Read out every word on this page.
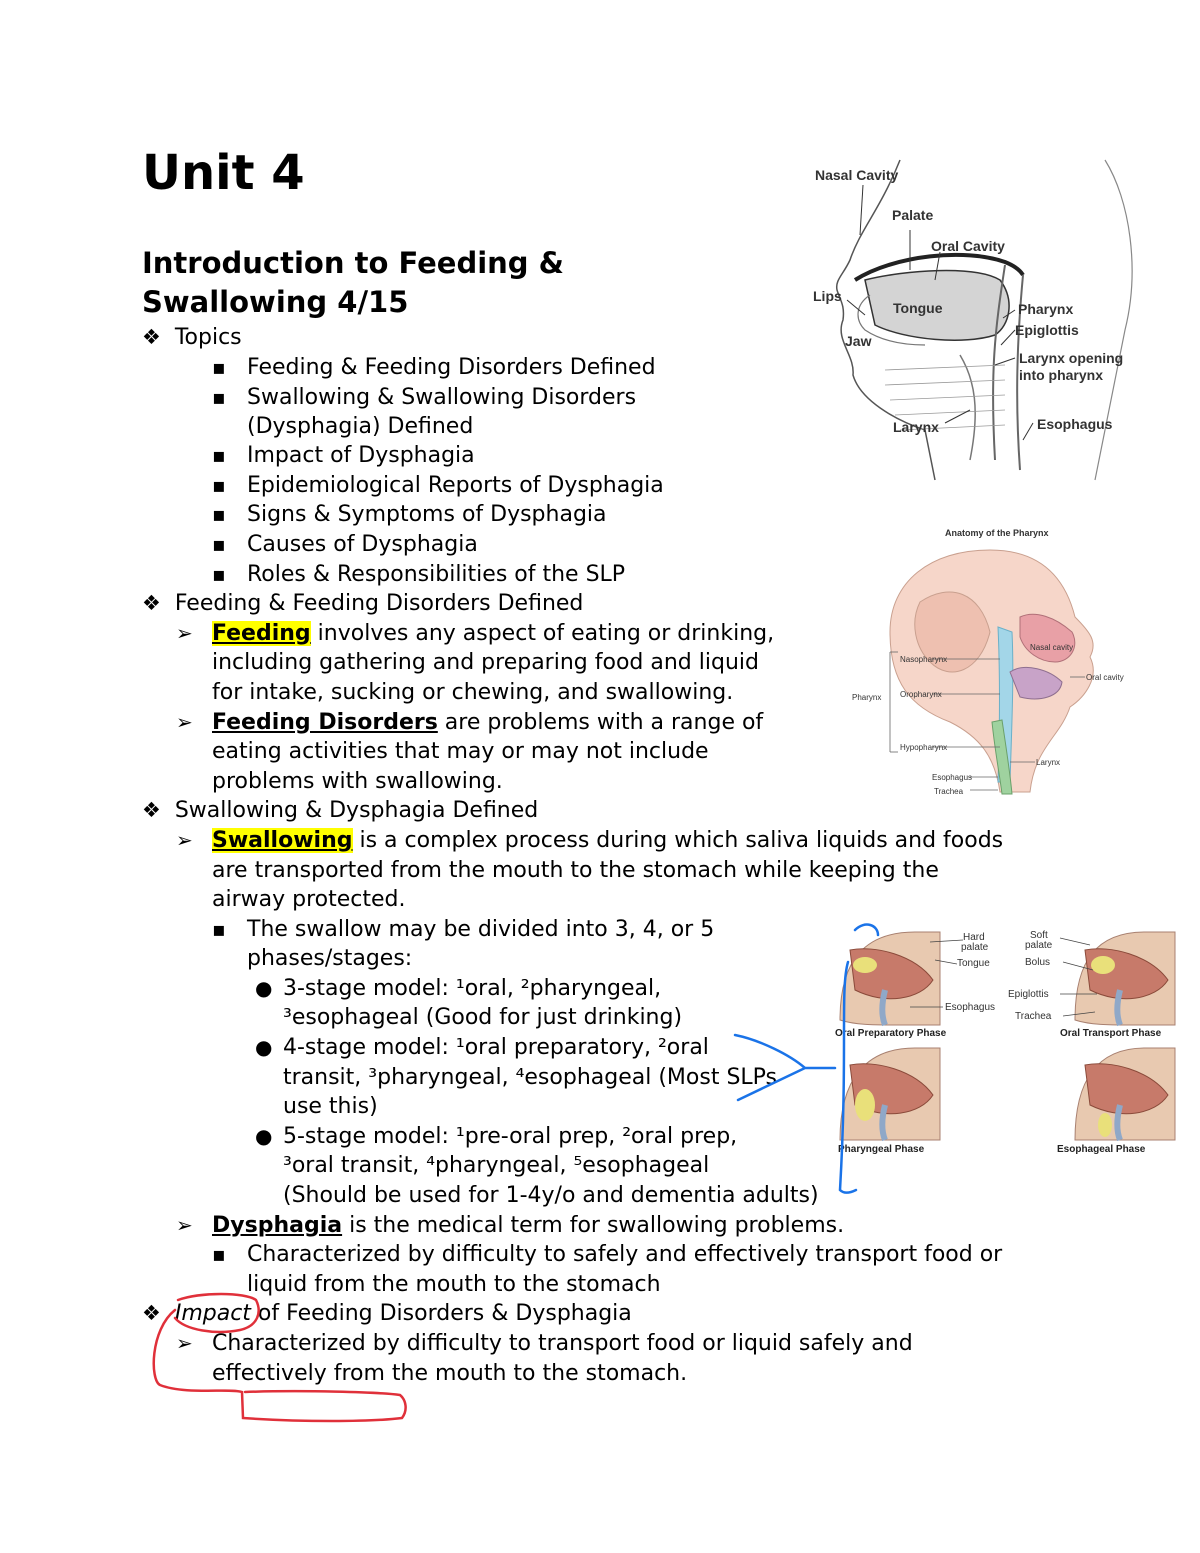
Unit 4
Introduction to Feeding & Swallowing 4/15
❖ Topics
▪ Feeding & Feeding Disorders Defined
▪ Swallowing & Swallowing Disorders
(Dysphagia) Defined
▪ Impact of Dysphagia
▪ Epidemiological Reports of Dysphagia
▪ Signs & Symptoms of Dysphagia
▪ Causes of Dysphagia
▪ Roles & Responsibilities of the SLP
❖ Feeding & Feeding Disorders Defined
➢ Feeding involves any aspect of eating or drinking,
including gathering and preparing food and liquid
for intake, sucking or chewing, and swallowing.
➢ Feeding Disorders are problems with a range of
eating activities that may or may not include
problems with swallowing.
❖ Swallowing & Dysphagia Defined
➢ Swallowing is a complex process during which saliva liquids and foods
are transported from the mouth to the stomach while keeping the
airway protected.
▪ The swallow may be divided into 3, 4, or 5
phases/stages:
● 3-stage model: ¹oral, ²pharyngeal,
³esophageal (Good for just drinking)
● 4-stage model: ¹oral preparatory, ²oral
transit, ³pharyngeal, ⁴esophageal (Most SLPs
use this)
● 5-stage model: ¹pre-oral prep, ²oral prep,
³oral transit, ⁴pharyngeal, ⁵esophageal
(Should be used for 1-4y/o and dementia adults)
➢ Dysphagia is the medical term for swallowing problems.
▪ Characterized by difficulty to safely and effectively transport food or
liquid from the mouth to the stomach
❖ Impact of Feeding Disorders & Dysphagia
➢ Characterized by difficulty to transport food or liquid safely and
effectively from the mouth to the stomach.
Nasal Cavity
Palate
Oral Cavity
Lips
Tongue
Jaw
Pharynx
Epiglottis
Larynx opening
into pharynx
Larynx	Esophagus
Anatomy of the Pharynx
Nasal cavity
Nasopharynx
Oral cavity
Pharynx Oropharynx
Hypopharynx
Larynx
Esophagus
Trachea
Hard
palate
Tongue
Esophagus
Soft
palate
Bolus
Epiglottis
Trachea
Oral Preparatory Phase	Oral Transport Phase
Pharyngeal Phase	Esophageal Phase
